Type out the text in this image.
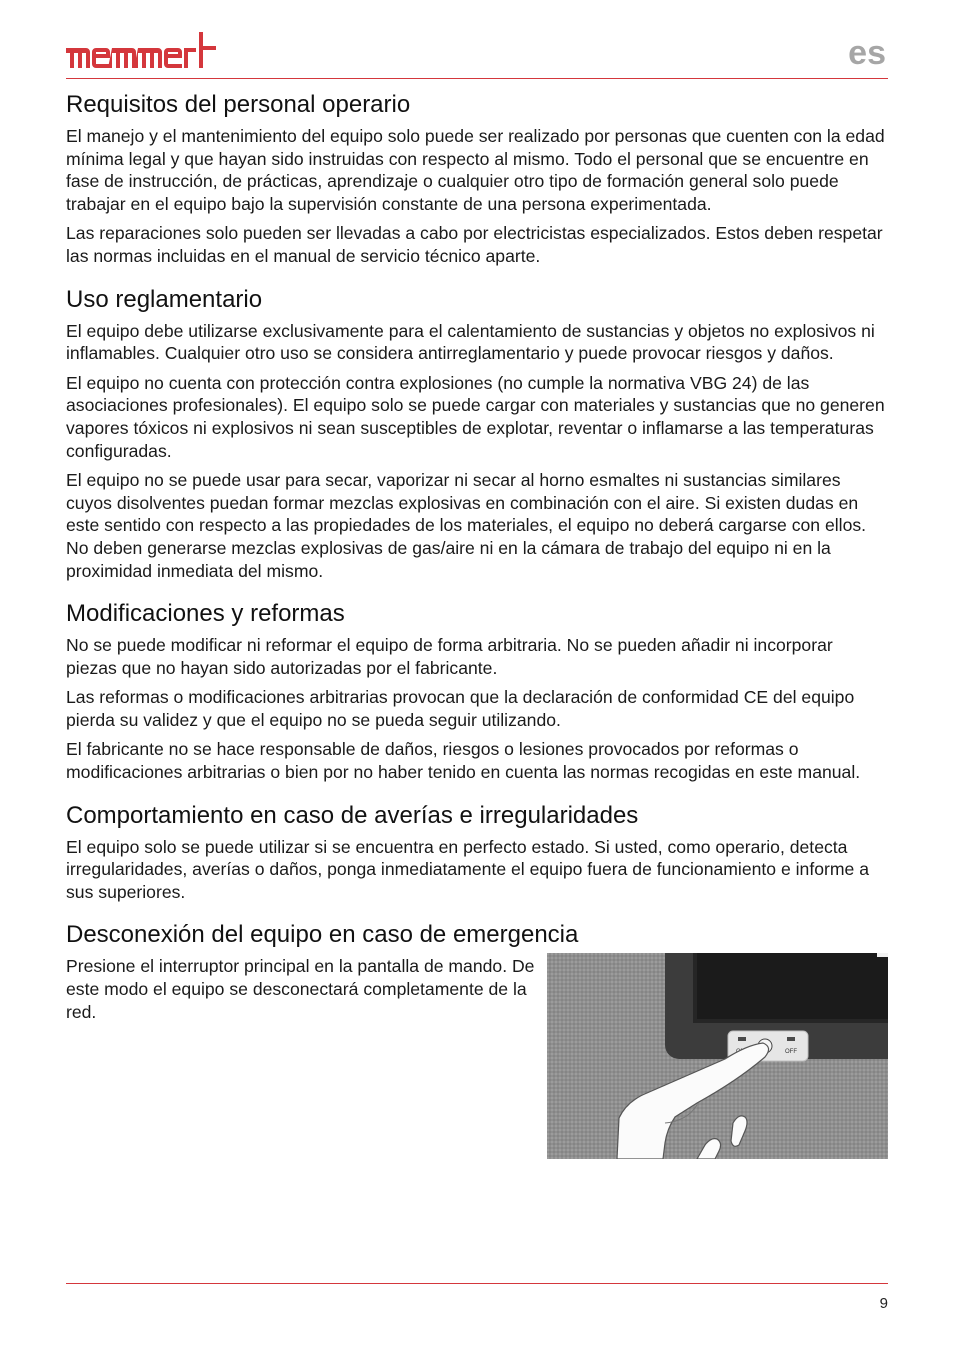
es
Requisitos del personal operario

El manejo y el mantenimiento del equipo solo puede ser realizado por personas que cuenten con la edad mínima legal y que hayan sido instruidas con respecto al mismo. Todo el personal que se encuentre en fase de instrucción, de prácticas, aprendizaje o cualquier otro tipo de formación general solo puede trabajar en el equipo bajo la supervisión constante de una persona experimentada.

Las reparaciones solo pueden ser llevadas a cabo por electricistas especializados. Estos deben respetar las normas incluidas en el manual de servicio técnico aparte.

Uso reglamentario

El equipo debe utilizarse exclusivamente para el calentamiento de sustancias y objetos no explosivos ni inflamables. Cualquier otro uso se considera antirreglamentario y puede provocar riesgos y daños.

El equipo no cuenta con protección contra explosiones (no cumple la normativa VBG 24) de las asociaciones profesionales). El equipo solo se puede cargar con materiales y sustancias que no generen vapores tóxicos ni explosivos ni sean susceptibles de explotar, reventar o inflamarse a las temperaturas configuradas.

El equipo no se puede usar para secar, vaporizar ni secar al horno esmaltes ni sustancias similares cuyos disolventes puedan formar mezclas explosivas en combinación con el aire. Si existen dudas en este sentido con respecto a las propiedades de los materiales, el equipo no deberá cargarse con ellos. No deben generarse mezclas explosivas de gas/aire ni en la cámara de trabajo del equipo ni en la proximidad inmediata del mismo.

Modificaciones y reformas

No se puede modificar ni reformar el equipo de forma arbitraria. No se pueden añadir ni incorporar piezas que no hayan sido autorizadas por el fabricante.

Las reformas o modificaciones arbitrarias provocan que la declaración de conformidad CE del equipo pierda su validez y que el equipo no se pueda seguir utilizando.

El fabricante no se hace responsable de daños, riesgos o lesiones provocados por reformas o modificaciones arbitrarias o bien por no haber tenido en cuenta las normas recogidas en este manual.

Comportamiento en caso de averías e irregularidades

El equipo solo se puede utilizar si se encuentra en perfecto estado. Si usted, como operario, detecta irregularidades, averías o daños, ponga inmediatamente el equipo fuera de funcionamiento e informe a sus superiores.

Desconexión del equipo en caso de emergencia

Presione el interruptor principal en la pantalla de mando. De este modo el equipo se desconectará completamente de la red.

OFF
9
